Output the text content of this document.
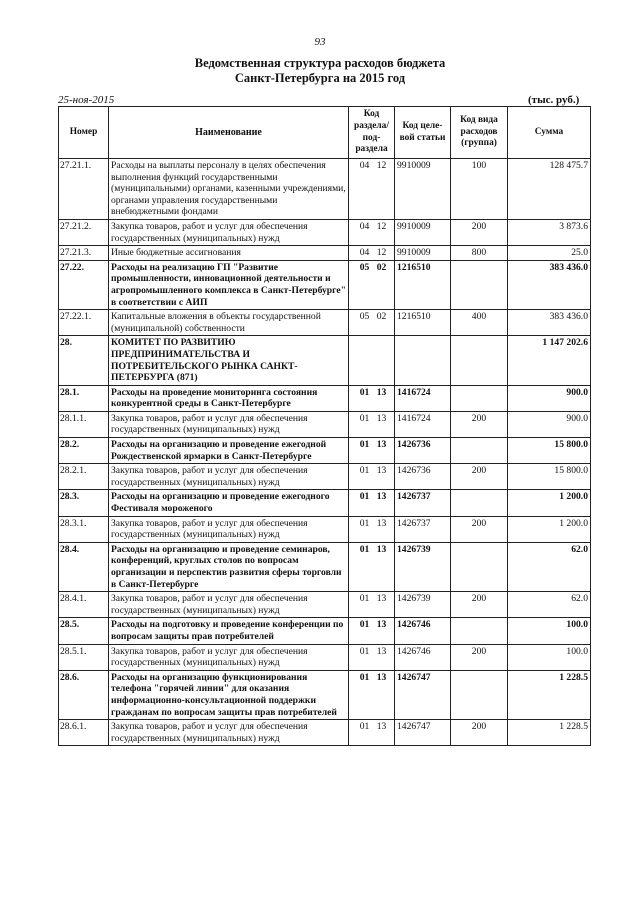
93
Ведомственная структура расходов бюджета
Санкт-Петербурга на 2015 год
25-ноя-2015	(тыс. руб.)
Номер	Наименование	Код раздела/ под-раздела	Код целе-вой статьи	Код вида расходов (группа)	Сумма
27.21.1.	Расходы на выплаты персоналу в целях обеспечения выполнения функций государственными (муниципальными) органами, казенными учреждениями, органами управления государственными внебюджетными фондами	04 12	9910009	100	128 475.7
27.21.2.	Закупка товаров, работ и услуг для обеспечения государственных (муниципальных) нужд	04 12	9910009	200	3 873.6
27.21.3.	Иные бюджетные ассигнования	04 12	9910009	800	25.0
27.22.	Расходы на реализацию ГП "Развитие промышленности, инновационной деятельности и агропромышленного комплекса в Санкт-Петербурге" в соответствии с АИП	05 02	1216510		383 436.0
27.22.1.	Капитальные вложения в объекты государственной (муниципальной) собственности	05 02	1216510	400	383 436.0
28.	КОМИТЕТ ПО РАЗВИТИЮ ПРЕДПРИНИМАТЕЛЬСТВА И ПОТРЕБИТЕЛЬСКОГО РЫНКА САНКТ-ПЕТЕРБУРГА (871)				1 147 202.6
28.1.	Расходы на проведение мониторинга состояния конкурентной среды в Санкт-Петербурге	01 13	1416724		900.0
28.1.1.	Закупка товаров, работ и услуг для обеспечения государственных (муниципальных) нужд	01 13	1416724	200	900.0
28.2.	Расходы на организацию и проведение ежегодной Рождественской ярмарки в Санкт-Петербурге	01 13	1426736		15 800.0
28.2.1.	Закупка товаров, работ и услуг для обеспечения государственных (муниципальных) нужд	01 13	1426736	200	15 800.0
28.3.	Расходы на организацию и проведение ежегодного Фестиваля мороженого	01 13	1426737		1 200.0
28.3.1.	Закупка товаров, работ и услуг для обеспечения государственных (муниципальных) нужд	01 13	1426737	200	1 200.0
28.4.	Расходы на организацию и проведение семинаров, конференций, круглых столов по вопросам организации и перспектив развития сферы торговли в Санкт-Петербурге	01 13	1426739		62.0
28.4.1.	Закупка товаров, работ и услуг для обеспечения государственных (муниципальных) нужд	01 13	1426739	200	62.0
28.5.	Расходы на подготовку и проведение конференции по вопросам защиты прав потребителей	01 13	1426746		100.0
28.5.1.	Закупка товаров, работ и услуг для обеспечения государственных (муниципальных) нужд	01 13	1426746	200	100.0
28.6.	Расходы на организацию функционирования телефона "горячей линии" для оказания информационно-консультационной поддержки гражданам по вопросам защиты прав потребителей	01 13	1426747		1 228.5
28.6.1.	Закупка товаров, работ и услуг для обеспечения государственных (муниципальных) нужд	01 13	1426747	200	1 228.5
